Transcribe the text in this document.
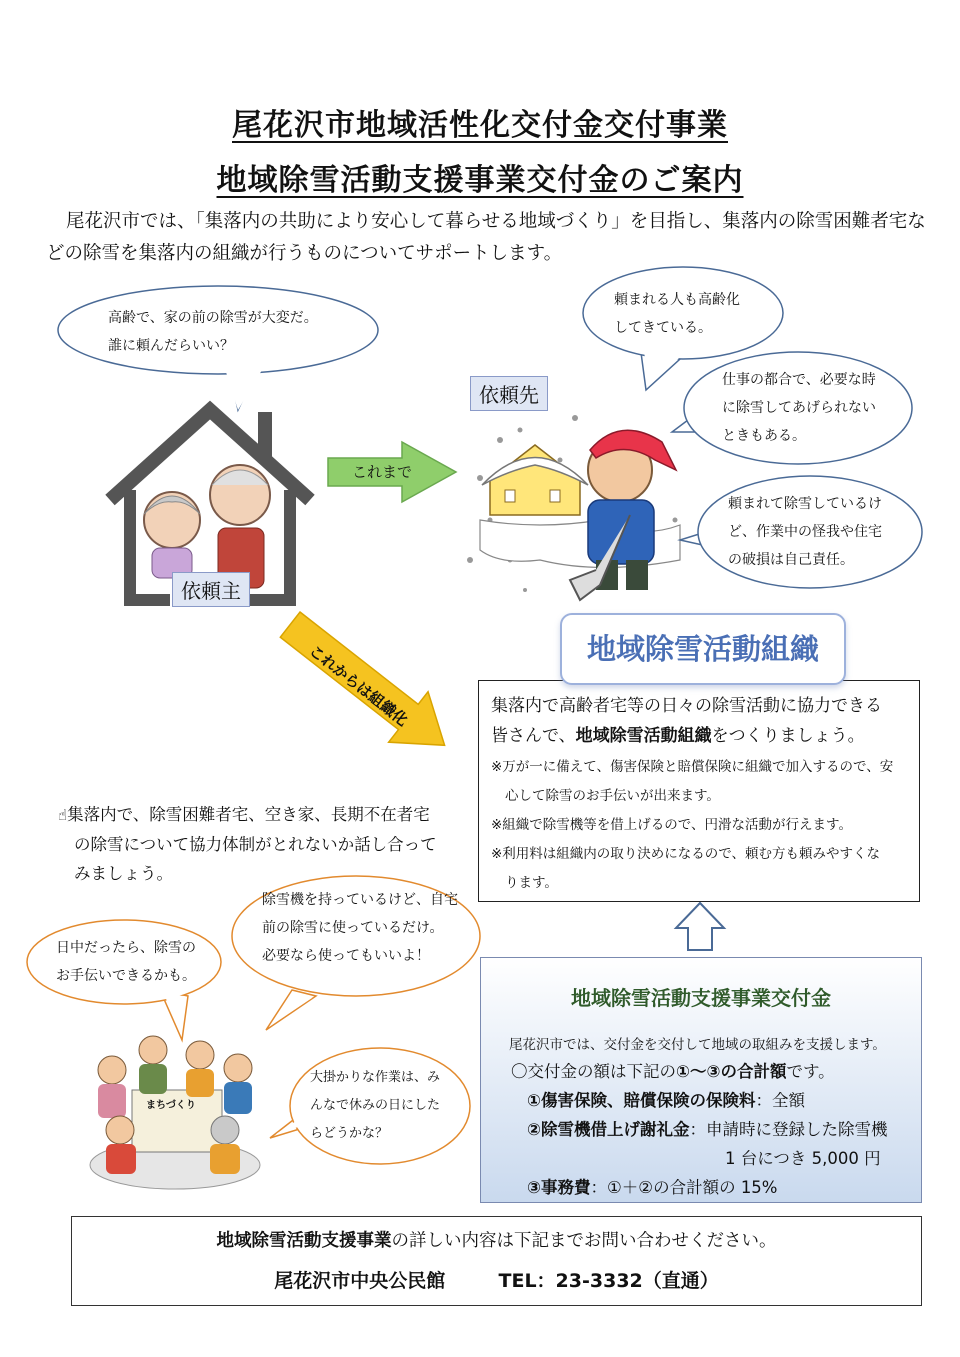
尾花沢市地域活性化交付金交付事業
地域除雪活動支援事業交付金のご案内
尾花沢市では、「集落内の共助により安心して暮らせる地域づくり」を目指し、集落内の除雪困難者宅な
どの除雪を集落内の組織が行うものについてサポートします。
高齢で、家の前の除雪が大変だ。
誰に頼んだらいい？
依頼主
これまで
これからは組織化
依頼先
頼まれる人も高齢化
してきている。
仕事の都合で、必要な時
に除雪してあげられない
ときもある。
頼まれて除雪しているけ
ど、作業中の怪我や住宅
の破損は自己責任。
集落内で高齢者宅等の日々の除雪活動に協力できる
皆さんで、地域除雪活動組織をつくりましょう。
※万が一に備えて、傷害保険と賠償保険に組織で加入するので、安
心して除雪のお手伝いが出来ます。
※組織で除雪機等を借上げるので、円滑な活動が行えます。
※利用料は組織内の取り決めになるので、頼む方も頼みやすくな
ります。
地域除雪活動組織
☝集落内で、除雪困難者宅、空き家、長期不在者宅
の除雪について協力体制がとれないか話し合って
みましょう。
日中だったら、除雪の
お手伝いできるかも。
除雪機を持っているけど、自宅
前の除雪に使っているだけ。
必要なら使ってもいいよ！
大掛かりな作業は、み
んなで休みの日にした
らどうかな？
まちづくり
地域除雪活動支援事業交付金
尾花沢市では、交付金を交付して地域の取組みを支援します。
〇交付金の額は下記の①～③の合計額です。
①傷害保険、賠償保険の保険料：全額
②除雪機借上げ謝礼金：申請時に登録した除雪機
1 台につき 5,000 円
③事務費：①＋②の合計額の 15%
地域除雪活動支援事業の詳しい内容は下記までお問い合わせください。
尾花沢市中央公民館	TEL：23-3332（直通）
